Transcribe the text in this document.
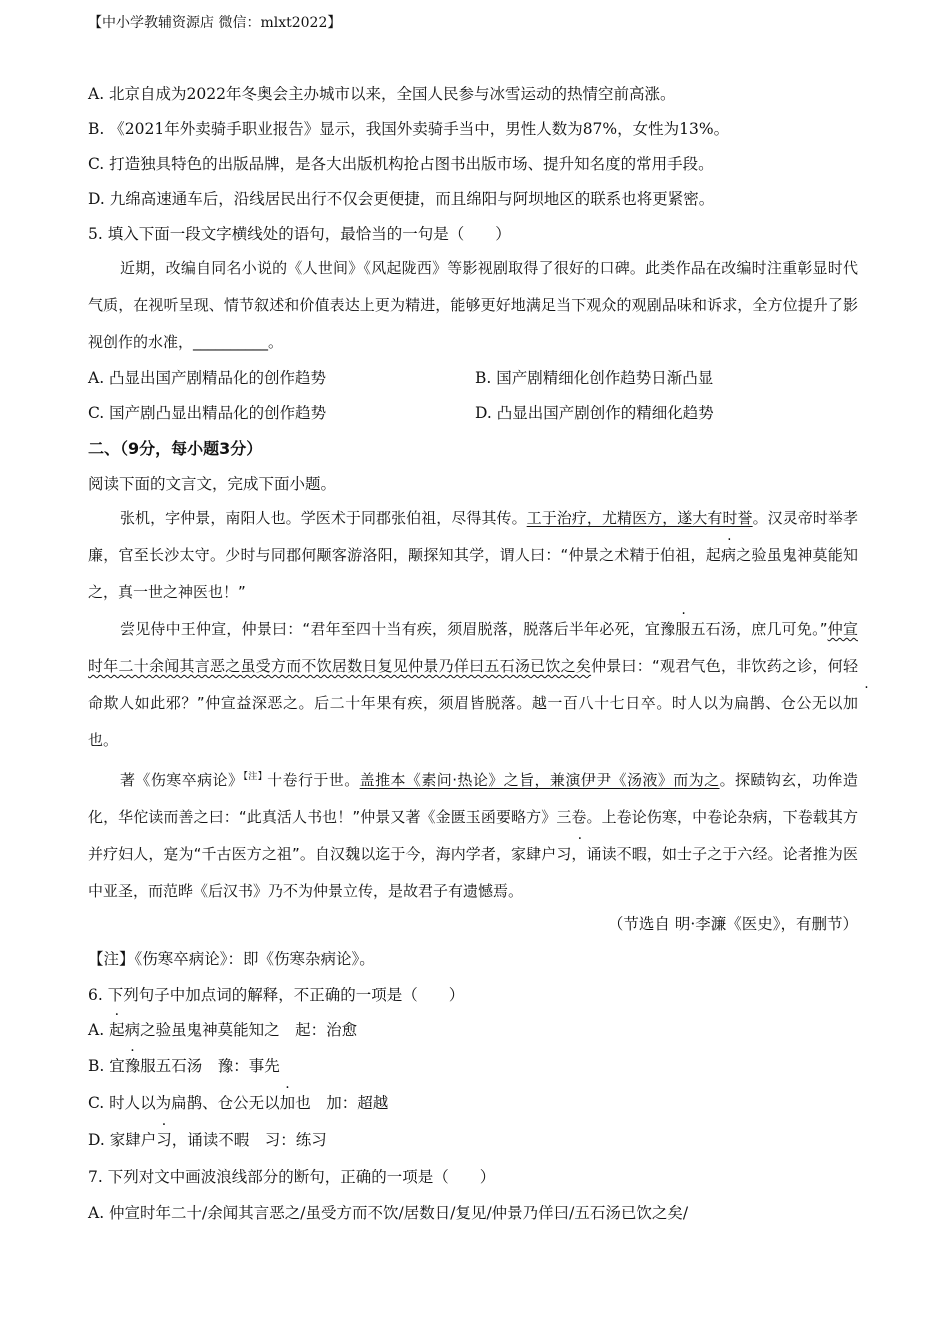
【中小学教辅资源店 微信：mlxt2022】
A. 北京自成为2022年冬奥会主办城市以来，全国人民参与冰雪运动的热情空前高涨。
B. 《2021年外卖骑手职业报告》显示，我国外卖骑手当中，男性人数为87%，女性为13%。
C. 打造独具特色的出版品牌，是各大出版机构抢占图书出版市场、提升知名度的常用手段。
D. 九绵高速通车后，沿线居民出行不仅会更便捷，而且绵阳与阿坝地区的联系也将更紧密。
5. 填入下面一段文字横线处的语句，最恰当的一句是（　　）
近期，改编自同名小说的《人世间》《风起陇西》等影视剧取得了很好的口碑。此类作品在改编时注重彰显时代气质，在视听呈现、情节叙述和价值表达上更为精进，能够更好地满足当下观众的观剧品味和诉求，全方位提升了影视创作的水准，__________。
A. 凸显出国产剧精品化的创作趋势	B. 国产剧精细化创作趋势日渐凸显
C. 国产剧凸显出精品化的创作趋势	D. 凸显出国产剧创作的精细化趋势
二、（9分，每小题3分）
阅读下面的文言文，完成下面小题。
张机，字仲景，南阳人也。学医术于同郡张伯祖，尽得其传。工于治疗，尤精医方，遂大有时誉。汉灵帝时举孝廉，官至长沙太守。少时与同郡何颙客游洛阳，颙探知其学，谓人曰：“仲景之术精于伯祖，起病之验虽鬼神莫能知之，真一世之神医也！”
尝见侍中王仲宣，仲景曰：“君年至四十当有疾，须眉脱落，脱落后半年必死，宜豫服五石汤，庶几可免。”仲宣时年二十余闻其言恶之虽受方而不饮居数日复见仲景乃佯曰五石汤已饮之矣仲景曰：“观君气色，非饮药之诊，何轻命欺人如此邪？”仲宣益深恶之。后二十年果有疾，须眉皆脱落。越一百八十七日卒。时人以为扁鹊、仓公无以加也。
著《伤寒卒病论》$^{【注】}$十卷行于世。盖推本《素问·热论》之旨，兼演伊尹《汤液》而为之。探赜钩玄，功侔造化，华佗读而善之曰：“此真活人书也！”仲景又著《金匮玉函要略方》三卷。上卷论伤寒，中卷论杂病，下卷载其方并疗妇人，寔为“千古医方之祖”。自汉魏以迄于今，海内学者，家肆户习，诵读不暇，如士子之于六经。论者推为医中亚圣，而范晔《后汉书》乃不为仲景立传，是故君子有遗憾焉。
（节选自 明·李濂《医史》，有删节）
【注】《伤寒卒病论》：即《伤寒杂病论》。
6. 下列句子中加点词的解释，不正确的一项是（　　）
A. 起病之验虽鬼神莫能知之　起：治愈
B. 宜豫服五石汤　豫：事先
C. 时人以为扁鹊、仓公无以加也　加：超越
D. 家肆户习，诵读不暇　习：练习
7. 下列对文中画波浪线部分的断句，正确的一项是（　　）
A. 仲宣时年二十/余闻其言恶之/虽受方而不饮/居数日/复见/仲景乃佯曰/五石汤已饮之矣/
